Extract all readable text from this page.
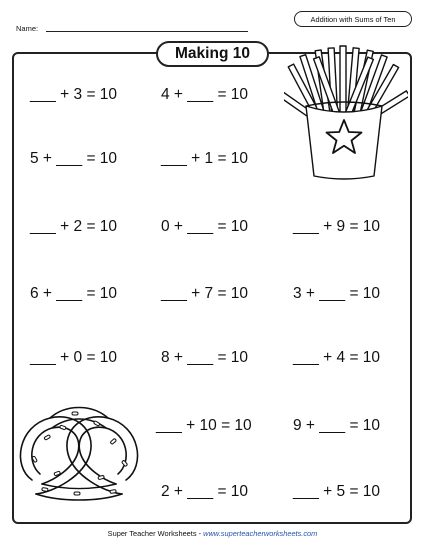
Name:
Addition with Sums of Ten
Making 10
___ + 3 = 10	4 + ___ = 10
5 + ___ = 10	___ + 1 = 10
___ + 2 = 10	0 + ___ = 10	___ + 9 = 10
6 + ___ = 10	___ + 7 = 10	3 + ___ = 10
___ + 0 = 10	8 + ___ = 10	___ + 4 = 10
___ + 10 = 10	9 + ___ = 10
2 + ___ = 10	___ + 5 = 10
Super Teacher Worksheets - www.superteacherworksheets.com
